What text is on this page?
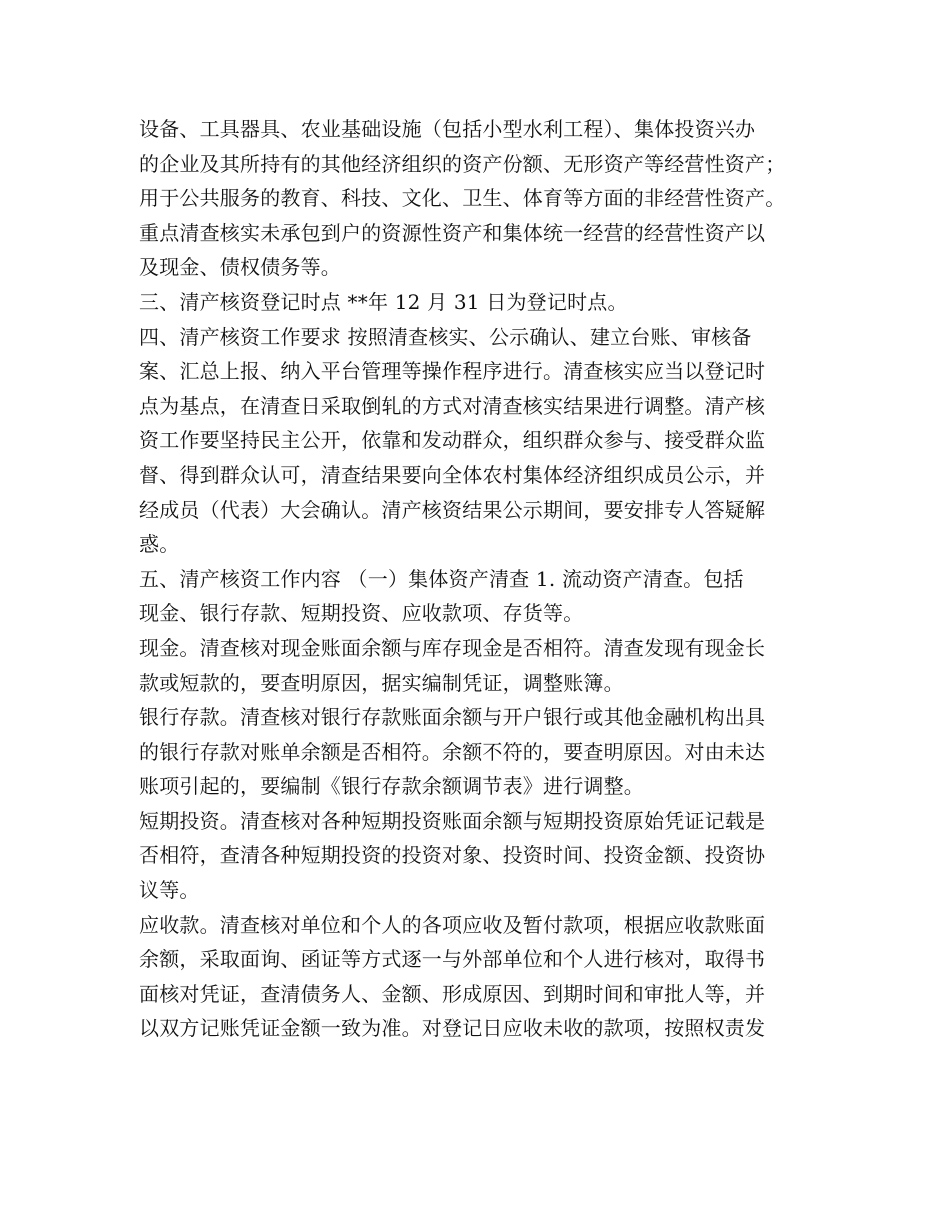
设备、工具器具、农业基础设施（包括小型水利工程）、集体投资兴办
的企业及其所持有的其他经济组织的资产份额、无形资产等经营性资产；
用于公共服务的教育、科技、文化、卫生、体育等方面的非经营性资产。
重点清查核实未承包到户的资源性资产和集体统一经营的经营性资产以
及现金、债权债务等。
三、清产核资登记时点 **年 12 月 31 日为登记时点。
四、清产核资工作要求 按照清查核实、公示确认、建立台账、审核备
案、汇总上报、纳入平台管理等操作程序进行。清查核实应当以登记时
点为基点，在清查日采取倒轧的方式对清查核实结果进行调整。清产核
资工作要坚持民主公开，依靠和发动群众，组织群众参与、接受群众监
督、得到群众认可，清查结果要向全体农村集体经济组织成员公示，并
经成员（代表）大会确认。清产核资结果公示期间，要安排专人答疑解
惑。
五、清产核资工作内容 （一）集体资产清查 1. 流动资产清查。包括
现金、银行存款、短期投资、应收款项、存货等。
现金。清查核对现金账面余额与库存现金是否相符。清查发现有现金长
款或短款的，要查明原因，据实编制凭证，调整账簿。
银行存款。清查核对银行存款账面余额与开户银行或其他金融机构出具
的银行存款对账单余额是否相符。余额不符的，要查明原因。对由未达
账项引起的，要编制《银行存款余额调节表》进行调整。
短期投资。清查核对各种短期投资账面余额与短期投资原始凭证记载是
否相符，查清各种短期投资的投资对象、投资时间、投资金额、投资协
议等。
应收款。清查核对单位和个人的各项应收及暂付款项，根据应收款账面
余额，采取面询、函证等方式逐一与外部单位和个人进行核对，取得书
面核对凭证，查清债务人、金额、形成原因、到期时间和审批人等，并
以双方记账凭证金额一致为准。对登记日应收未收的款项，按照权责发
